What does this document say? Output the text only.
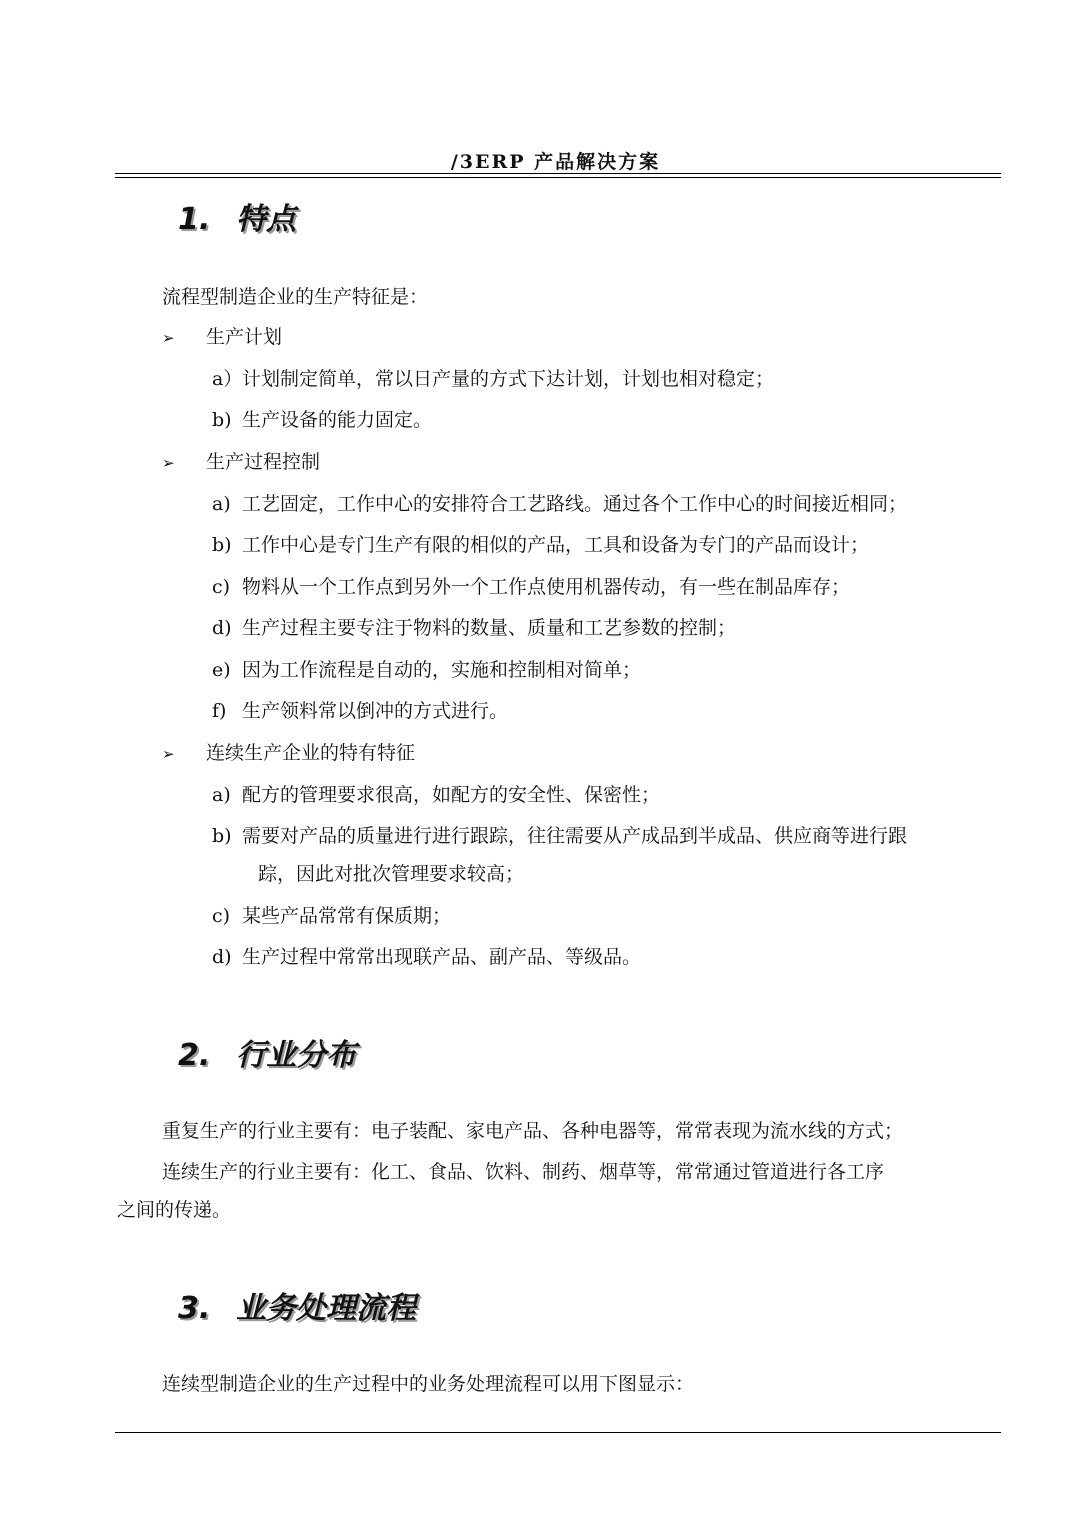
/3ERP 产品解决方案
1. 特点
流程型制造企业的生产特征是：
➢ 生产计划
a）计划制定简单，常以日产量的方式下达计划，计划也相对稳定；
b) 生产设备的能力固定。
➢ 生产过程控制
a) 工艺固定，工作中心的安排符合工艺路线。通过各个工作中心的时间接近相同；
b) 工作中心是专门生产有限的相似的产品，工具和设备为专门的产品而设计；
c) 物料从一个工作点到另外一个工作点使用机器传动，有一些在制品库存；
d) 生产过程主要专注于物料的数量、质量和工艺参数的控制；
e) 因为工作流程是自动的，实施和控制相对简单；
f) 生产领料常以倒冲的方式进行。
➢ 连续生产企业的特有特征
a) 配方的管理要求很高，如配方的安全性、保密性；
b) 需要对产品的质量进行进行跟踪，往往需要从产成品到半成品、供应商等进行跟
踪，因此对批次管理要求较高；
c) 某些产品常常有保质期；
d) 生产过程中常常出现联产品、副产品、等级品。
2. 行业分布
重复生产的行业主要有：电子装配、家电产品、各种电器等，常常表现为流水线的方式；
连续生产的行业主要有：化工、食品、饮料、制药、烟草等，常常通过管道进行各工序
之间的传递。
3. 业务处理流程
连续型制造企业的生产过程中的业务处理流程可以用下图显示：
